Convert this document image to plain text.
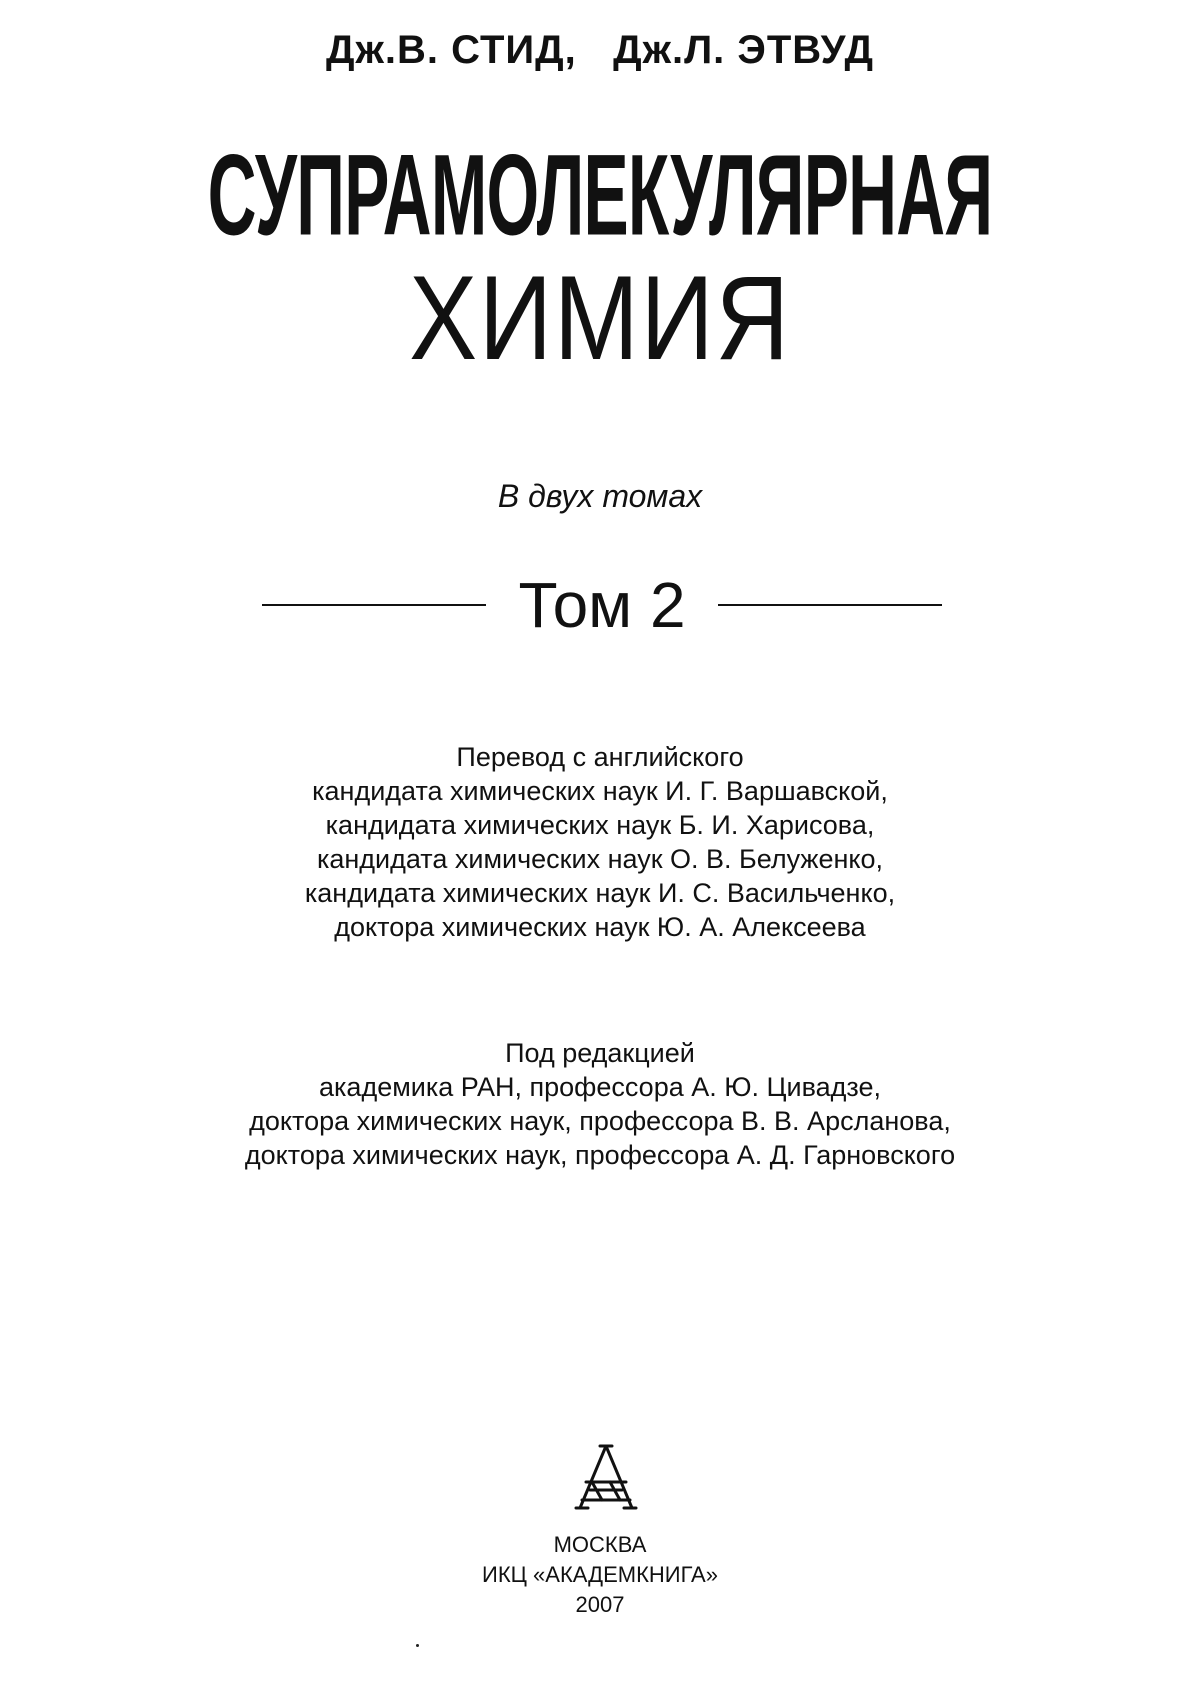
Дж.В. СТИД,   Дж.Л. ЭТВУД
СУПРАМОЛЕКУЛЯРНАЯ
ХИМИЯ
В двух томах
Том 2
Перевод с английского
кандидата химических наук И. Г. Варшавской,
кандидата химических наук Б. И. Харисова,
кандидата химических наук О. В. Белуженко,
кандидата химических наук И. С. Васильченко,
доктора химических наук Ю. А. Алексеева
Под редакцией
академика РАН, профессора А. Ю. Цивадзе,
доктора химических наук, профессора В. В. Арсланова,
доктора химических наук, профессора А. Д. Гарновского
МОСКВА
ИКЦ «АКАДЕМКНИГА»
2007
